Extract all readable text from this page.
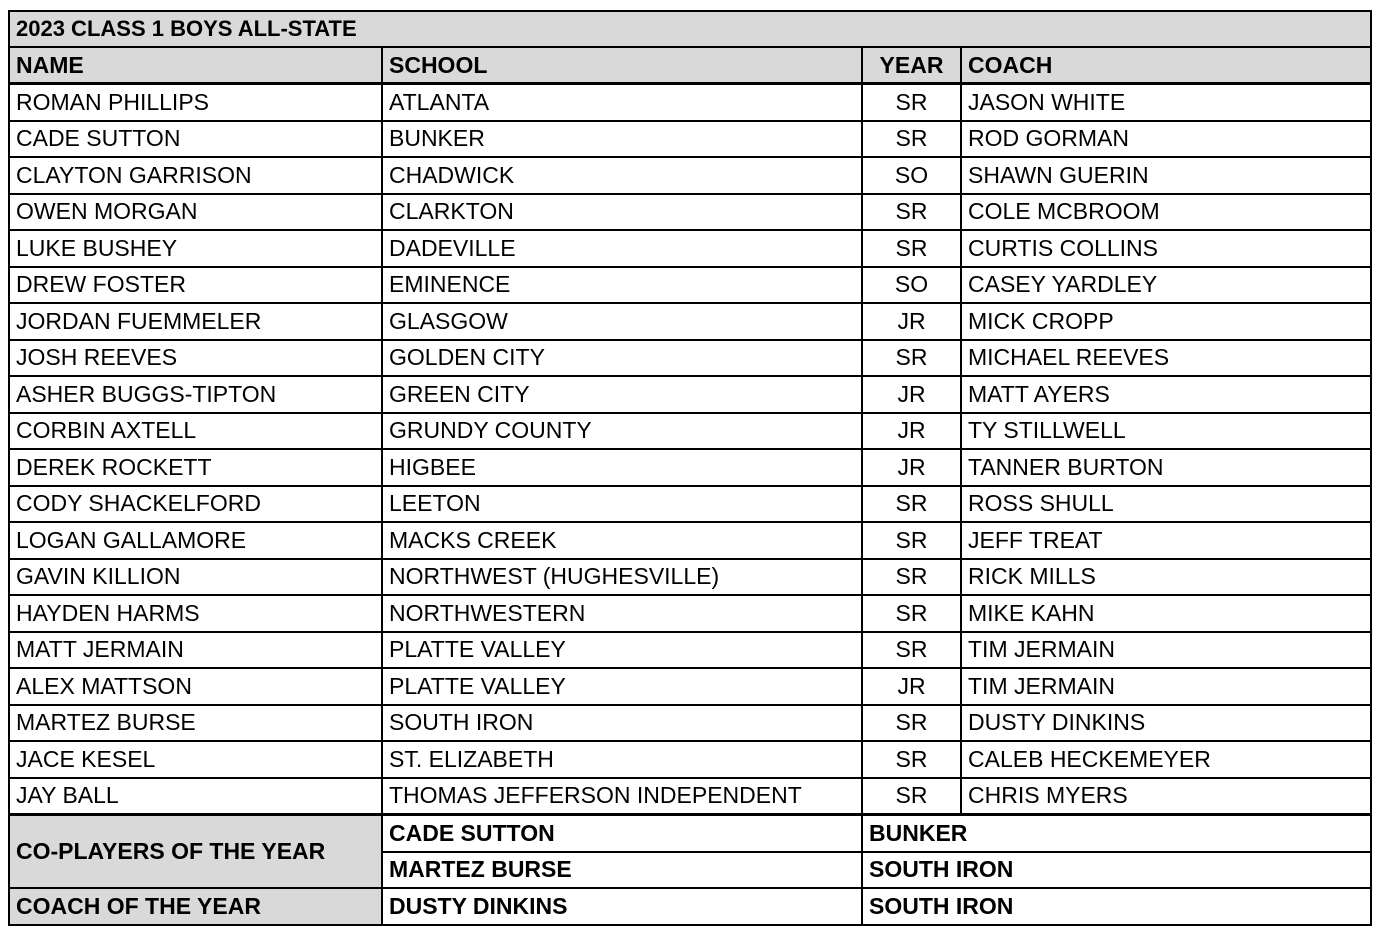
2023 CLASS 1 BOYS ALL-STATE			
NAME	SCHOOL	YEAR	COACH
ROMAN PHILLIPS	ATLANTA	SR	JASON WHITE
CADE SUTTON	BUNKER	SR	ROD GORMAN
CLAYTON GARRISON	CHADWICK	SO	SHAWN GUERIN
OWEN MORGAN	CLARKTON	SR	COLE MCBROOM
LUKE BUSHEY	DADEVILLE	SR	CURTIS COLLINS
DREW FOSTER	EMINENCE	SO	CASEY YARDLEY
JORDAN FUEMMELER	GLASGOW	JR	MICK CROPP
JOSH REEVES	GOLDEN CITY	SR	MICHAEL REEVES
ASHER BUGGS-TIPTON	GREEN CITY	JR	MATT AYERS
CORBIN AXTELL	GRUNDY COUNTY	JR	TY STILLWELL
DEREK ROCKETT	HIGBEE	JR	TANNER BURTON
CODY SHACKELFORD	LEETON	SR	ROSS SHULL
LOGAN GALLAMORE	MACKS CREEK	SR	JEFF TREAT
GAVIN KILLION	NORTHWEST (HUGHESVILLE)	SR	RICK MILLS
HAYDEN HARMS	NORTHWESTERN	SR	MIKE KAHN
MATT JERMAIN	PLATTE VALLEY	SR	TIM JERMAIN
ALEX MATTSON	PLATTE VALLEY	JR	TIM JERMAIN
MARTEZ BURSE	SOUTH IRON	SR	DUSTY DINKINS
JACE KESEL	ST. ELIZABETH	SR	CALEB HECKEMEYER
JAY BALL	THOMAS JEFFERSON INDEPENDENT	SR	CHRIS MYERS
CO-PLAYERS OF THE YEAR	CADE SUTTON	BUNKER	
	MARTEZ BURSE	SOUTH IRON	
COACH OF THE YEAR	DUSTY DINKINS	SOUTH IRON	
